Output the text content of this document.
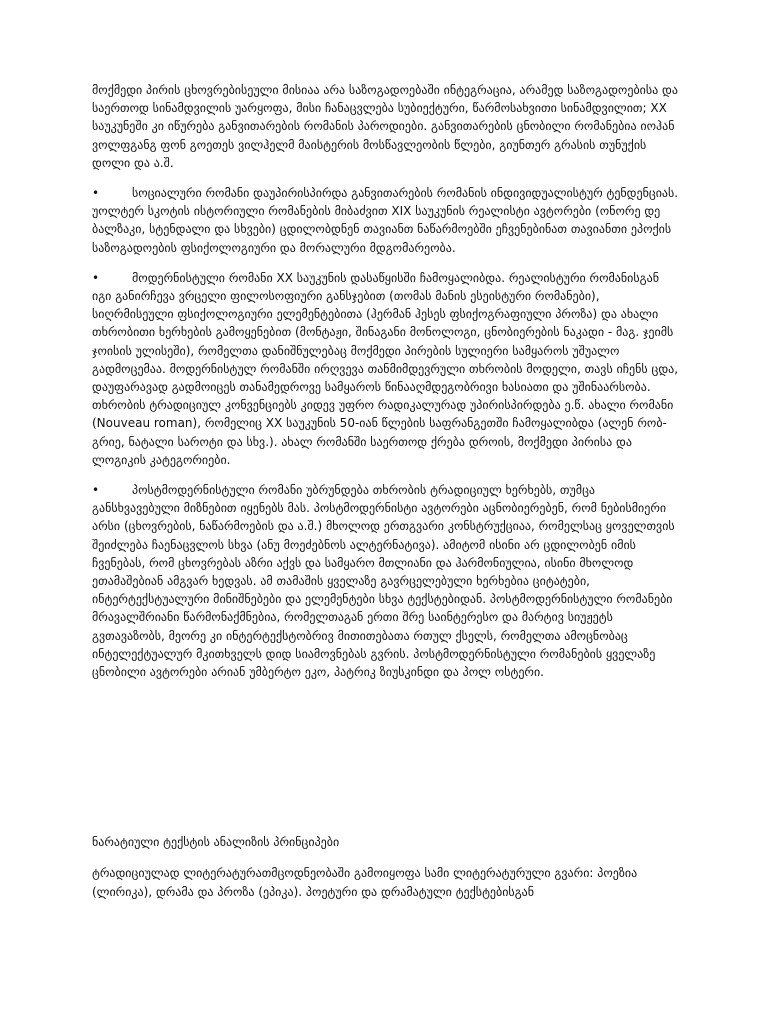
მოქმედი პირის ცხოვრებისეული მისიაა არა საზოგადოებაში ინტეგრაცია, არამედ საზოგადოებისა და საერთოდ სინამდვილის უარყოფა, მისი ჩანაცვლება სუბიექტური, წარმოსახვითი სინამდვილით; XX საუკუნეში კი იწურება განვითარების რომანის პაროდიები. განვითარების ცნობილი რომანებია იოჰან ვოლფგანგ ფონ გოეთეს ვილჰელმ მაისტერის მოსწავლეობის წლები, გიუნთერ გრასის თუნუქის დოლი და ა.შ.

•	სოციალური რომანი დაუპირისპირდა განვითარების რომანის ინდივიდუალისტურ ტენდენციას. უოლტერ სკოტის ისტორიული რომანების მიბაძვით XIX საუკუნის რეალისტი ავტორები (ონორე დე ბალზაკი, სტენდალი და სხვები) ცდილობდნენ თავიანთ ნაწარმოებში ეჩვენებინათ თავიანთი ეპოქის საზოგადოების ფსიქოლოგიური და მორალური მდგომარეობა.

•	მოდერნისტული რომანი XX საუკუნის დასაწყისში ჩამოყალიბდა. რეალისტური რომანისგან იგი განირჩევა ვრცელი ფილოსოფიური განსჯებით (თომას მანის ესეისტური რომანები), სიღრმისეული ფსიქოლოგიური ელემენტებითა (ჰერმან ჰესეს ფსიქოგრაფიული პროზა) და ახალი თხრობითი ხერხების გამოყენებით (მონტაჟი, შინაგანი მონოლოგი, ცნობიერების ნაკადი - მაგ. ჯეიმს ჯოისის ულისეში), რომელთა დანიშნულებაც მოქმედი პირების სულიერი სამყაროს უშუალო გადმოცემაა. მოდერნისტულ რომანში ირღვევა თანმიმდევრული თხრობის მოდელი, თავს იჩენს ცდა, დაუფარავად გადმოიცეს თანამედროვე სამყაროს წინააღმდეგობრივი ხასიათი და უშინაარსობა. თხრობის ტრადიციულ კონვენციებს კიდევ უფრო რადიკალურად უპირისპირდება ე.წ. ახალი რომანი (Nouveau roman), რომელიც XX საუკუნის 50-იან წლების საფრანგეთში ჩამოყალიბდა (ალენ რობ-გრიე, ნატალი საროტი და სხვ.). ახალ რომანში საერთოდ ქრება დროის, მოქმედი პირისა და ლოგიკის კატეგორიები.

•	პოსტმოდერნისტული რომანი უბრუნდება თხრობის ტრადიციულ ხერხებს, თუმცა განსხვავებული მიზნებით იყენებს მას. პოსტმოდერნისტი ავტორები აცნობიერებენ, რომ ნებისმიერი არსი (ცხოვრების, ნაწარმოების და ა.შ.) მხოლოდ ერთგვარი კონსტრუქციაა, რომელსაც ყოველთვის შეიძლება ჩაენაცვლოს სხვა (ანუ მოეძებნოს ალტერნატივა). ამიტომ ისინი არ ცდილობენ იმის ჩვენებას, რომ ცხოვრებას აზრი აქვს და სამყარო მთლიანი და ჰარმონიულია, ისინი მხოლოდ ეთამაშებიან ამგვარ ხედვას. ამ თამაშის ყველაზე გავრცელებული ხერხებია ციტატები, ინტერტექსტუალური მინიშნებები და ელემენტები სხვა ტექსტებიდან. პოსტმოდერნისტული რომანები მრავალშრიანი წარმონაქმნებია, რომელთაგან ერთი შრე საინტერესო და მარტივ სიუჟეტს გვთავაზობს, მეორე კი ინტერტექსტობრივ მითითებათა რთულ ქსელს, რომელთა ამოცნობაც ინტელექტუალურ მკითხველს დიდ სიამოვნებას გვრის. პოსტმოდერნისტული რომანების ყველაზე ცნობილი ავტორები არიან უმბერტო ეკო, პატრიკ ზიუსკინდი და პოლ ოსტერი.

ნარატიული ტექსტის ანალიზის პრინციპები

ტრადიციულად ლიტერატურათმცოდნეობაში გამოიყოფა სამი ლიტერატურული გვარი: პოეზია (ლირიკა), დრამა და პროზა (ეპიკა). პოეტური და დრამატული ტექსტებისგან
